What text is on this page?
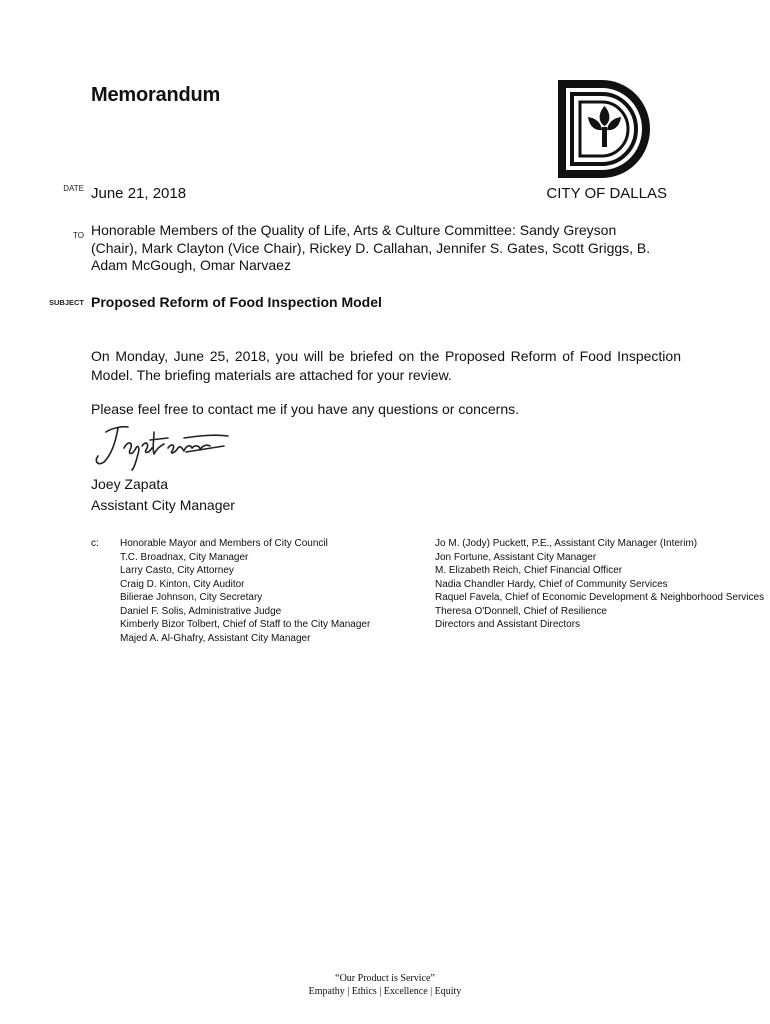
Memorandum
DATE June 21, 2018	CITY OF DALLAS
TO Honorable Members of the Quality of Life, Arts & Culture Committee: Sandy Greyson (Chair), Mark Clayton (Vice Chair), Rickey D. Callahan, Jennifer S. Gates, Scott Griggs, B. Adam McGough, Omar Narvaez
SUBJECT Proposed Reform of Food Inspection Model
On Monday, June 25, 2018, you will be briefed on the Proposed Reform of Food Inspection Model. The briefing materials are attached for your review.
Please feel free to contact me if you have any questions or concerns.
Joey Zapata
Assistant City Manager
c: Honorable Mayor and Members of City Council
T.C. Broadnax, City Manager
Larry Casto, City Attorney
Craig D. Kinton, City Auditor
Bilierae Johnson, City Secretary
Daniel F. Solis, Administrative Judge
Kimberly Bizor Tolbert, Chief of Staff to the City Manager
Majed A. Al-Ghafry, Assistant City Manager
Jo M. (Jody) Puckett, P.E., Assistant City Manager (Interim)
Jon Fortune, Assistant City Manager
M. Elizabeth Reich, Chief Financial Officer
Nadia Chandler Hardy, Chief of Community Services
Raquel Favela, Chief of Economic Development & Neighborhood Services
Theresa O'Donnell, Chief of Resilience
Directors and Assistant Directors
“Our Product is Service”
Empathy | Ethics | Excellence | Equity
